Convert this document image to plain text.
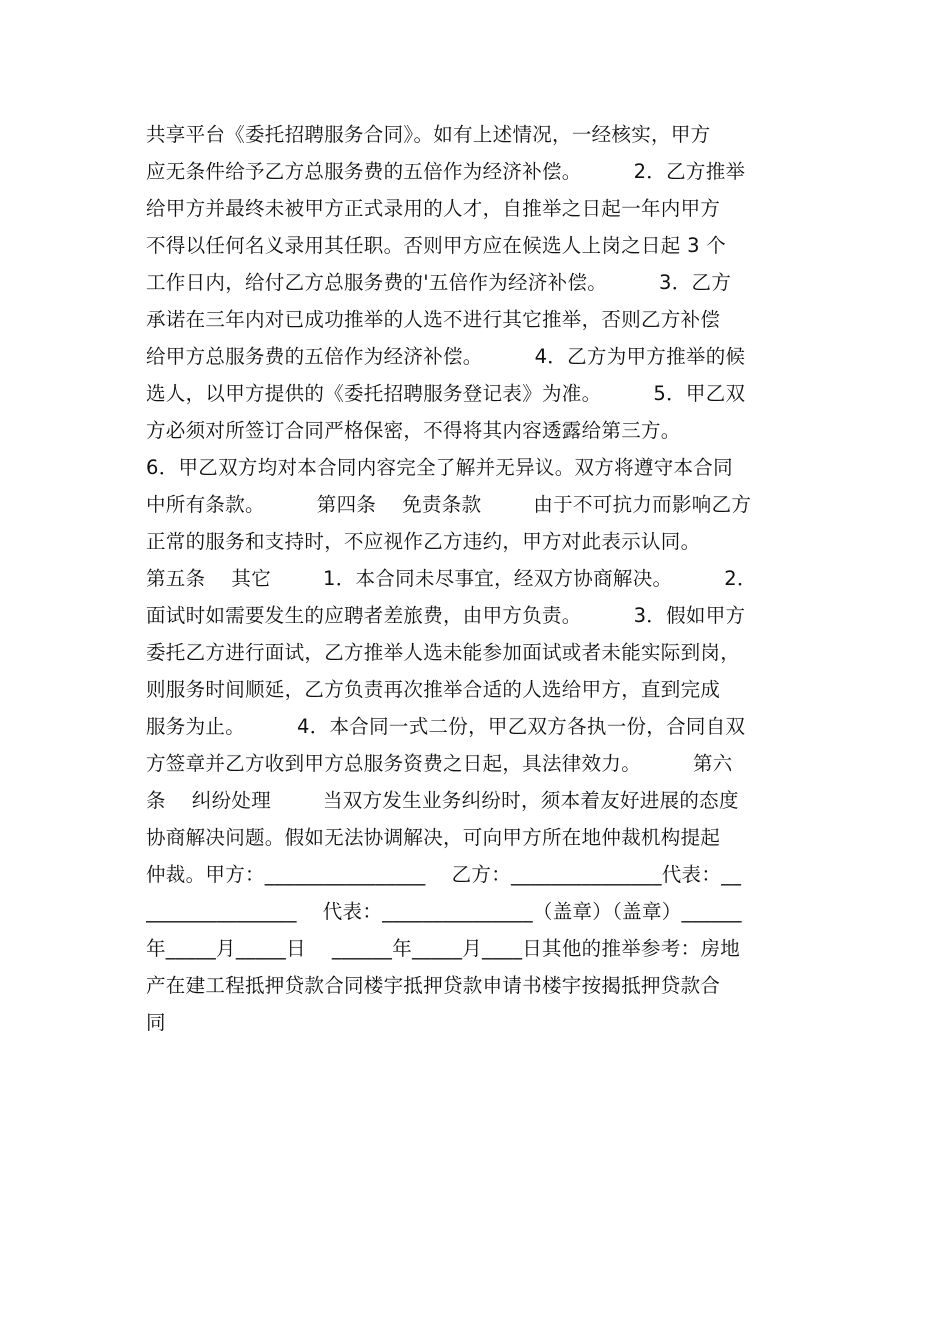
共享平台《委托招聘服务合同》。如有上述情况，一经核实，甲方
应无条件给予乙方总服务费的五倍作为经济补偿。        2．乙方推举
给甲方并最终未被甲方正式录用的人才，自推举之日起一年内甲方
不得以任何名义录用其任职。否则甲方应在候选人上岗之日起 3 个
工作日内，给付乙方总服务费的'五倍作为经济补偿。        3．乙方
承诺在三年内对已成功推举的人选不进行其它推举，否则乙方补偿
给甲方总服务费的五倍作为经济补偿。        4．乙方为甲方推举的候
选人，以甲方提供的《委托招聘服务登记表》为准。        5．甲乙双
方必须对所签订合同严格保密，不得将其内容透露给第三方。
6．甲乙双方均对本合同内容完全了解并无异议。双方将遵守本合同
中所有条款。        第四条    免责条款        由于不可抗力而影响乙方
正常的服务和支持时，不应视作乙方违约，甲方对此表示认同。
第五条    其它        1．本合同未尽事宜，经双方协商解决。        2．
面试时如需要发生的应聘者差旅费，由甲方负责。        3．假如甲方
委托乙方进行面试，乙方推举人选未能参加面试或者未能实际到岗，
则服务时间顺延，乙方负责再次推举合适的人选给甲方，直到完成
服务为止。        4．本合同一式二份，甲乙双方各执一份，合同自双
方签章并乙方收到甲方总服务资费之日起，具法律效力。        第六
条    纠纷处理        当双方发生业务纠纷时，须本着友好进展的态度
协商解决问题。假如无法协调解决，可向甲方所在地仲裁机构提起
仲裁。甲方：________________    乙方：_______________代表：__
_______________    代表：_______________（盖章）（盖章）______
年_____月_____日    ______年_____月____日其他的推举参考：房地
产在建工程抵押贷款合同楼宇抵押贷款申请书楼宇按揭抵押贷款合
同
